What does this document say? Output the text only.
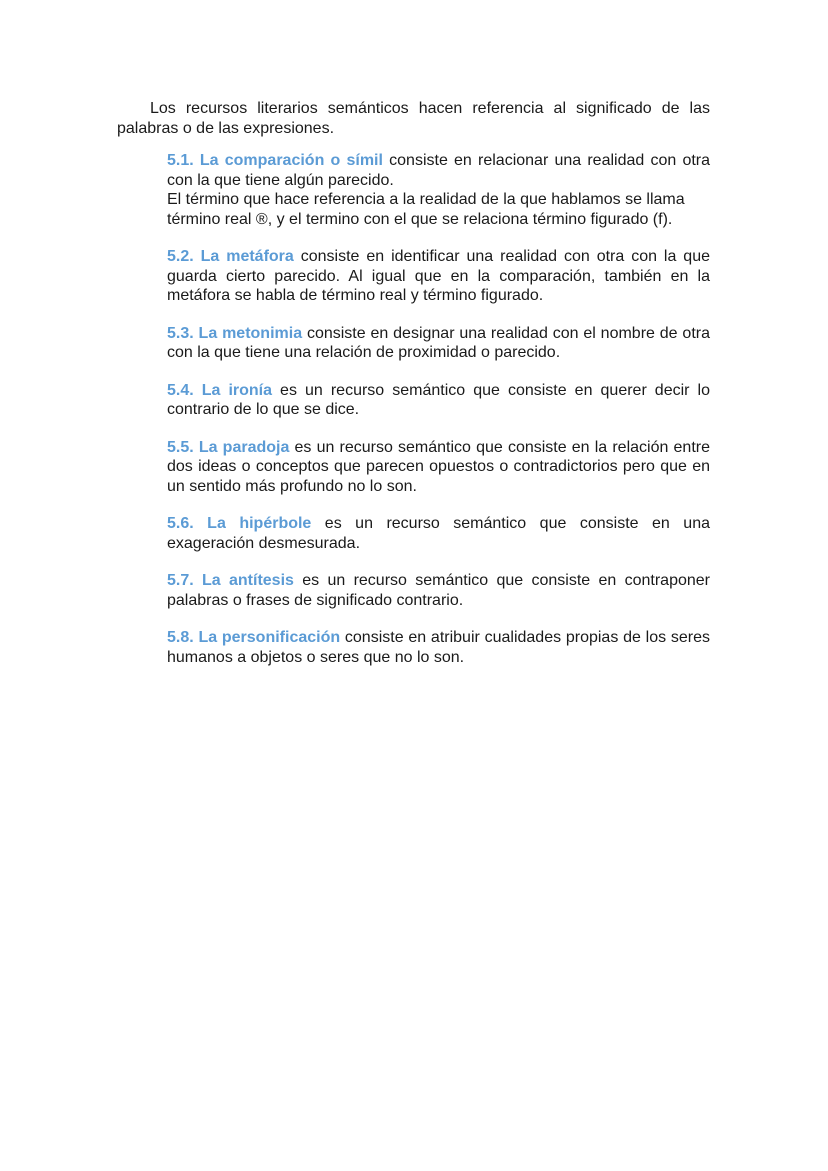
Los recursos literarios semánticos hacen referencia al significado de las palabras o de las expresiones.

5.1. La comparación o símil consiste en relacionar una realidad con otra con la que tiene algún parecido.
El término que hace referencia a la realidad de la que hablamos se llama término real ®, y el termino con el que se relaciona término figurado (f).

5.2. La metáfora consiste en identificar una realidad con otra con la que guarda cierto parecido. Al igual que en la comparación, también en la metáfora se habla de término real y término figurado.

5.3. La metonimia consiste en designar una realidad con el nombre de otra con la que tiene una relación de proximidad o parecido.

5.4. La ironía es un recurso semántico que consiste en querer decir lo contrario de lo que se dice.

5.5. La paradoja es un recurso semántico que consiste en la relación entre dos ideas o conceptos que parecen opuestos o contradictorios pero que en un sentido más profundo no lo son.

5.6. La hipérbole es un recurso semántico que consiste en una exageración desmesurada.

5.7. La antítesis es un recurso semántico que consiste en contraponer palabras o frases de significado contrario.

5.8. La personificación consiste en atribuir cualidades propias de los seres humanos a objetos o seres que no lo son.
